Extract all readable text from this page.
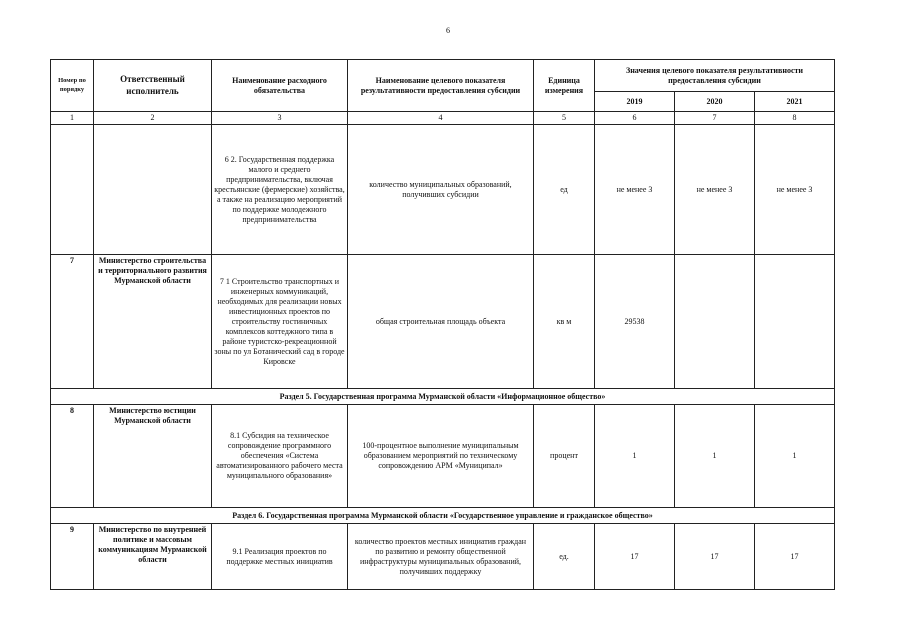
6
Номер по порядку	Ответственный исполнитель	Наименование расходного обязательства	Наименование целевого показателя результативности предоставления субсидии	Единица измерения	Значения целевого показателя результативности предоставления субсидии		
					2019	2020	2021
1	2	3	4	5	6	7	8
		6 2. Государственная поддержка малого и среднего предпринимательства, включая крестьянские (фермерские) хозяйства, а также на реализацию мероприятий по поддержке молодежного предпринимательства	количество муниципальных образований, получивших субсидии	ед	не менее 3	не менее 3	не менее 3
7	Министерство строительства и территориального развития Мурманской области	7 1 Строительство транспортных и инженерных коммуникаций, необходимых для реализации новых инвестиционных проектов по строительству гостиничных комплексов коттеджного типа в районе туристско-рекреационной зоны по ул Ботанический сад в городе Кировске	общая строительная площадь объекта	кв м	29538		
Раздел 5. Государственная программа Мурманской области «Информационное общество»							
8	Министерство юстиции Мурманской области	8.1 Субсидия на техническое сопровождение программного обеспечения «Система автоматизированного рабочего места муниципального образования»	100-процентное выполнение муниципальным образованием мероприятий по техническому сопровождению АРМ «Муниципал»	процент	1	1	1
Раздел 6. Государственная программа Мурманской области «Государственное управление и гражданское общество»							
9	Министерство по внутренней политике и массовым коммуникациям Мурманской области	9.1 Реализация проектов по поддержке местных инициатив	количество проектов местных инициатив граждан по развитию и ремонту общественной инфраструктуры муниципальных образований, получивших поддержку	ед.	17	17	17
